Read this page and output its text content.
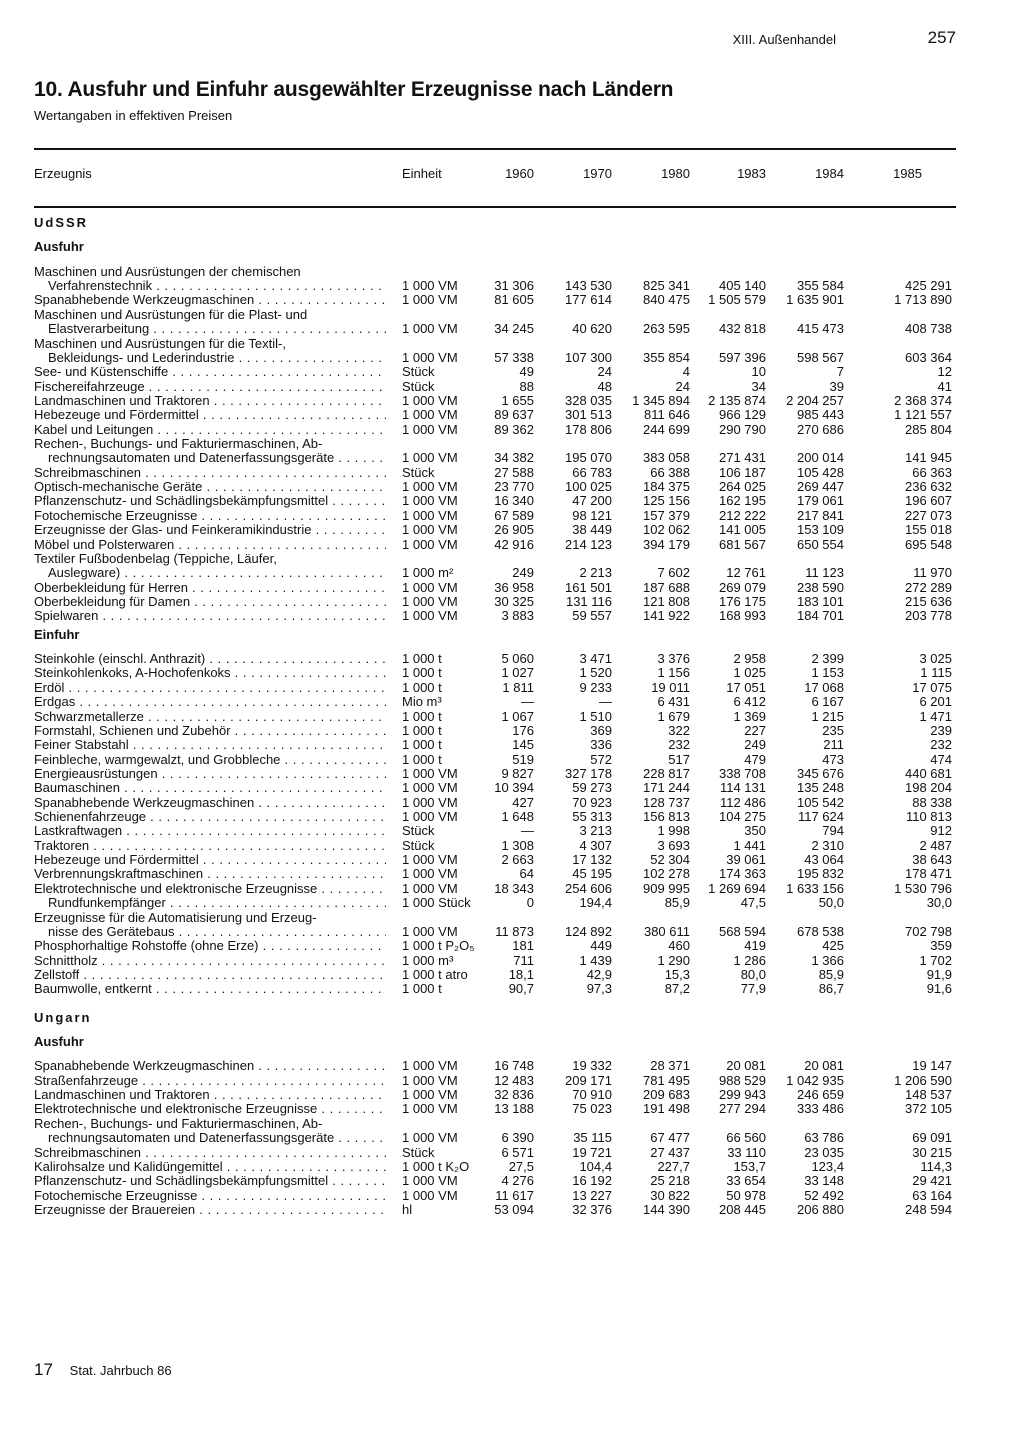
XIII. Außenhandel	257
10. Ausfuhr und Einfuhr ausgewählter Erzeugnisse nach Ländern
Wertangaben in effektiven Preisen
Erzeugnis	Einheit	1960	1970	1980	1983	1984	1985
UdSSR
Ausfuhr
Maschinen und Ausrüstungen der chemischen
Verfahrenstechnik . . .	1 000 VM	31 306	143 530	825 341	405 140	355 584	425 291
Spanabhebende Werkzeugmaschinen . . .	1 000 VM	81 605	177 614	840 475	1 505 579	1 635 901	1 713 890
Maschinen und Ausrüstungen für die Plast- und
Elastverarbeitung . . .	1 000 VM	34 245	40 620	263 595	432 818	415 473	408 738
Maschinen und Ausrüstungen für die Textil-,
Bekleidungs- und Lederindustrie . . .	1 000 VM	57 338	107 300	355 854	597 396	598 567	603 364
See- und Küstenschiffe . . .	Stück	49	24	4	10	7	12
Fischereifahrzeuge . . .	Stück	88	48	24	34	39	41
Landmaschinen und Traktoren . . .	1 000 VM	1 655	328 035	1 345 894	2 135 874	2 204 257	2 368 374
Hebezeuge und Fördermittel . . .	1 000 VM	89 637	301 513	811 646	966 129	985 443	1 121 557
Kabel und Leitungen . . .	1 000 VM	89 362	178 806	244 699	290 790	270 686	285 804
Rechen-, Buchungs- und Fakturiermaschinen, Ab-
rechnungsautomaten und Datenerfassungsgeräte . . .	1 000 VM	34 382	195 070	383 058	271 431	200 014	141 945
Schreibmaschinen . . .	Stück	27 588	66 783	66 388	106 187	105 428	66 363
Optisch-mechanische Geräte . . .	1 000 VM	23 770	100 025	184 375	264 025	269 447	236 632
Pflanzenschutz- und Schädlingsbekämpfungsmittel . . .	1 000 VM	16 340	47 200	125 156	162 195	179 061	196 607
Fotochemische Erzeugnisse . . .	1 000 VM	67 589	98 121	157 379	212 222	217 841	227 073
Erzeugnisse der Glas- und Feinkeramikindustrie . . .	1 000 VM	26 905	38 449	102 062	141 005	153 109	155 018
Möbel und Polsterwaren . . .	1 000 VM	42 916	214 123	394 179	681 567	650 554	695 548
Textiler Fußbodenbelag (Teppiche, Läufer,
Auslegware) . . .	1 000 m²	249	2 213	7 602	12 761	11 123	11 970
Oberbekleidung für Herren . . .	1 000 VM	36 958	161 501	187 688	269 079	238 590	272 289
Oberbekleidung für Damen . . .	1 000 VM	30 325	131 116	121 808	176 175	183 101	215 636
Spielwaren . . .	1 000 VM	3 883	59 557	141 922	168 993	184 701	203 778
Einfuhr
Steinkohle (einschl. Anthrazit) . . .	1 000 t	5 060	3 471	3 376	2 958	2 399	3 025
Steinkohlenkoks, A-Hochofenkoks . . .	1 000 t	1 027	1 520	1 156	1 025	1 153	1 115
Erdöl . . .	1 000 t	1 811	9 233	19 011	17 051	17 068	17 075
Erdgas . . .	Mio m³	—	—	6 431	6 412	6 167	6 201
Schwarzmetallerze . . .	1 000 t	1 067	1 510	1 679	1 369	1 215	1 471
Formstahl, Schienen und Zubehör . . .	1 000 t	176	369	322	227	235	239
Feiner Stabstahl . . .	1 000 t	145	336	232	249	211	232
Feinbleche, warmgewalzt, und Grobbleche . . .	1 000 t	519	572	517	479	473	474
Energieausrüstungen . . .	1 000 VM	9 827	327 178	228 817	338 708	345 676	440 681
Baumaschinen . . .	1 000 VM	10 394	59 273	171 244	114 131	135 248	198 204
Spanabhebende Werkzeugmaschinen . . .	1 000 VM	427	70 923	128 737	112 486	105 542	88 338
Schienenfahrzeuge . . .	1 000 VM	1 648	55 313	156 813	104 275	117 624	110 813
Lastkraftwagen . . .	Stück	—	3 213	1 998	350	794	912
Traktoren . . .	Stück	1 308	4 307	3 693	1 441	2 310	2 487
Hebezeuge und Fördermittel . . .	1 000 VM	2 663	17 132	52 304	39 061	43 064	38 643
Verbrennungskraftmaschinen . . .	1 000 VM	64	45 195	102 278	174 363	195 832	178 471
Elektrotechnische und elektronische Erzeugnisse . . .	1 000 VM	18 343	254 606	909 995	1 269 694	1 633 156	1 530 796
Rundfunkempfänger . . .	1 000 Stück	0	194,4	85,9	47,5	50,0	30,0
Erzeugnisse für die Automatisierung und Erzeug-
nisse des Gerätebaus . . .	1 000 VM	11 873	124 892	380 611	568 594	678 538	702 798
Phosphorhaltige Rohstoffe (ohne Erze) . . .	1 000 t P₂O₅	181	449	460	419	425	359
Schnittholz . . .	1 000 m³	711	1 439	1 290	1 286	1 366	1 702
Zellstoff . . .	1 000 t atro	18,1	42,9	15,3	80,0	85,9	91,9
Baumwolle, entkernt . . .	1 000 t	90,7	97,3	87,2	77,9	86,7	91,6
Ungarn
Ausfuhr
Spanabhebende Werkzeugmaschinen . . .	1 000 VM	16 748	19 332	28 371	20 081	20 081	19 147
Straßenfahrzeuge . . .	1 000 VM	12 483	209 171	781 495	988 529	1 042 935	1 206 590
Landmaschinen und Traktoren . . .	1 000 VM	32 836	70 910	209 683	299 943	246 659	148 537
Elektrotechnische und elektronische Erzeugnisse . . .	1 000 VM	13 188	75 023	191 498	277 294	333 486	372 105
Rechen-, Buchungs- und Fakturiermaschinen, Ab-
rechnungsautomaten und Datenerfassungsgeräte . . .	1 000 VM	6 390	35 115	67 477	66 560	63 786	69 091
Schreibmaschinen . . .	Stück	6 571	19 721	27 437	33 110	23 035	30 215
Kalirohsalze und Kalidüngemittel . . .	1 000 t K₂O	27,5	104,4	227,7	153,7	123,4	114,3
Pflanzenschutz- und Schädlingsbekämpfungsmittel . . .	1 000 VM	4 276	16 192	25 218	33 654	33 148	29 421
Fotochemische Erzeugnisse . . .	1 000 VM	11 617	13 227	30 822	50 978	52 492	63 164
Erzeugnisse der Brauereien . . .	hl	53 094	32 376	144 390	208 445	206 880	248 594
17 Stat. Jahrbuch 86
